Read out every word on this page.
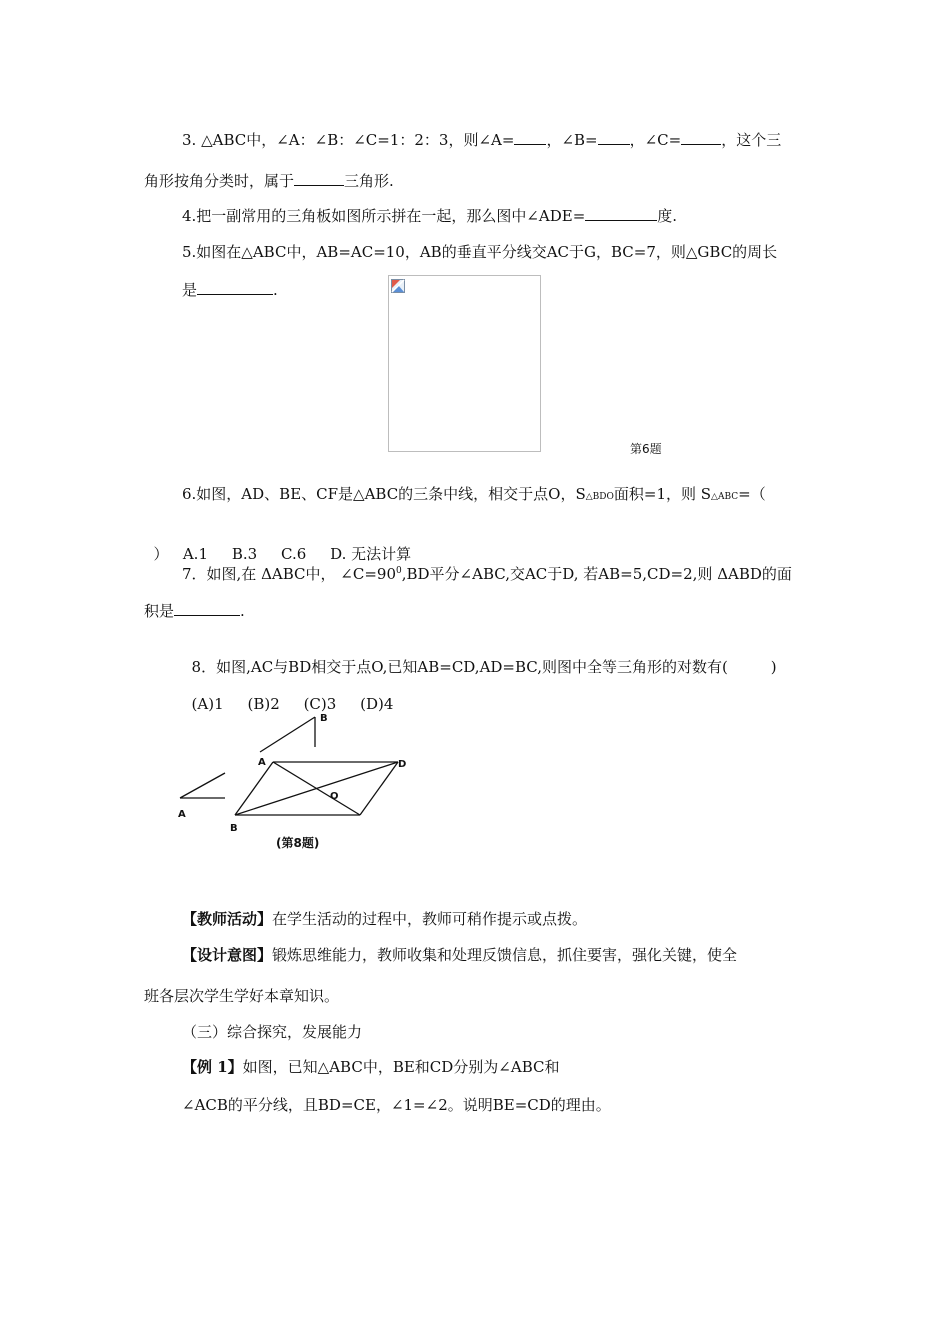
3. △ABC中，∠A：∠B：∠C=1：2：3，则∠A= ，∠B= ，∠C=	，这个三
角形按角分类时，属于	三角形.
4.把一副常用的三角板如图所示拼在一起，那么图中∠ADE=	度.
5.如图在△ABC中，AB=AC=10，AB的垂直平分线交AC于G，BC=7，则△GBC的周长
是	.
第6题
6.如图，AD、BE、CF是△ABC的三条中线，相交于点O，S△BDO面积=1，则 S△ABC=（

）   A.1     B.3     C.6     D. 无法计算

7．如图,在 ΔABC中， $\angle C=90^0,BD$平分∠ABC,交AC于D, 若AB=5,CD=2,则 ΔABD的面
积是	.

8．如图,AC与BD相交于点O,已知AB=CD,AD=BC,则图中全等三角形的对数有(         )

(A)1     (B)2     (C)3     (D)4

B
A	D
O
A
B
(第8题)
【教师活动】在学生活动的过程中，教师可稍作提示或点拨。
【设计意图】锻炼思维能力，教师收集和处理反馈信息，抓住要害，强化关键，使全
班各层次学生学好本章知识。
（三）综合探究，发展能力
【例 1】如图，已知△ABC中，BE和CD分别为∠ABC和
∠ACB的平分线，且BD=CE，∠1=∠2。说明BE=CD的理由。
